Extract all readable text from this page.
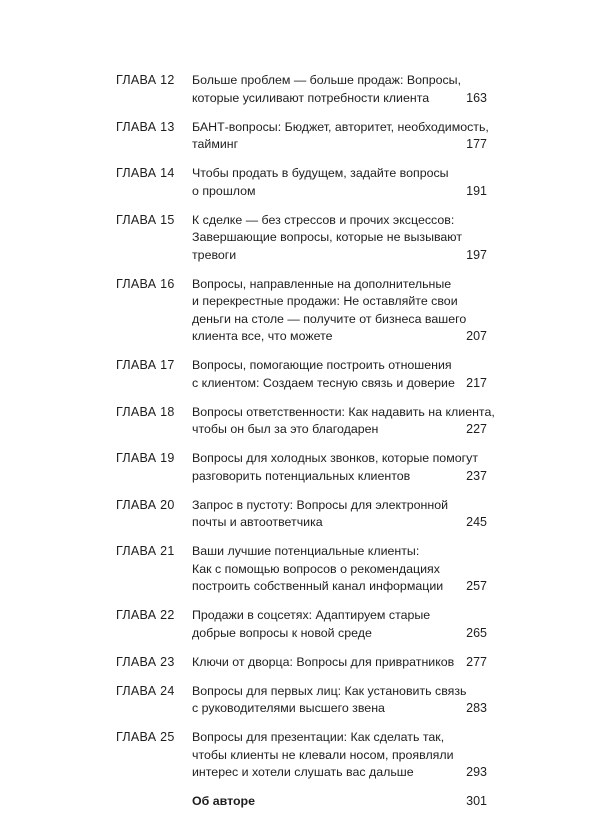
ГЛАВА 12 Больше проблем — больше продаж: Вопросы,
которые усиливают потребности клиента	163
ГЛАВА 13 БАНТ-вопросы: Бюджет, авторитет, необходимость,
тайминг	177
ГЛАВА 14 Чтобы продать в будущем, задайте вопросы
о прошлом	191
ГЛАВА 15 К сделке — без стрессов и прочих эксцессов:
Завершающие вопросы, которые не вызывают
тревоги	197
ГЛАВА 16 Вопросы, направленные на дополнительные
и перекрестные продажи: Не оставляйте свои
деньги на столе — получите от бизнеса вашего
клиента все, что можете	207
ГЛАВА 17 Вопросы, помогающие построить отношения
с клиентом: Создаем тесную связь и доверие 217
ГЛАВА 18 Вопросы ответственности: Как надавить на клиента,
чтобы он был за это благодарен	227
ГЛАВА 19 Вопросы для холодных звонков, которые помогут
разговорить потенциальных клиентов	237
ГЛАВА 20 Запрос в пустоту: Вопросы для электронной
почты и автоответчика	245
ГЛАВА 21 Ваши лучшие потенциальные клиенты:
Как с помощью вопросов о рекомендациях
построить собственный канал информации	257
ГЛАВА 22 Продажи в соцсетях: Адаптируем старые
добрые вопросы к новой среде	265
ГЛАВА 23 Ключи от дворца: Вопросы для привратников 277
ГЛАВА 24 Вопросы для первых лиц: Как установить связь
с руководителями высшего звена	283
ГЛАВА 25 Вопросы для презентации: Как сделать так,
чтобы клиенты не клевали носом, проявляли
интерес и хотели слушать вас дальше	293
Об авторе	301
